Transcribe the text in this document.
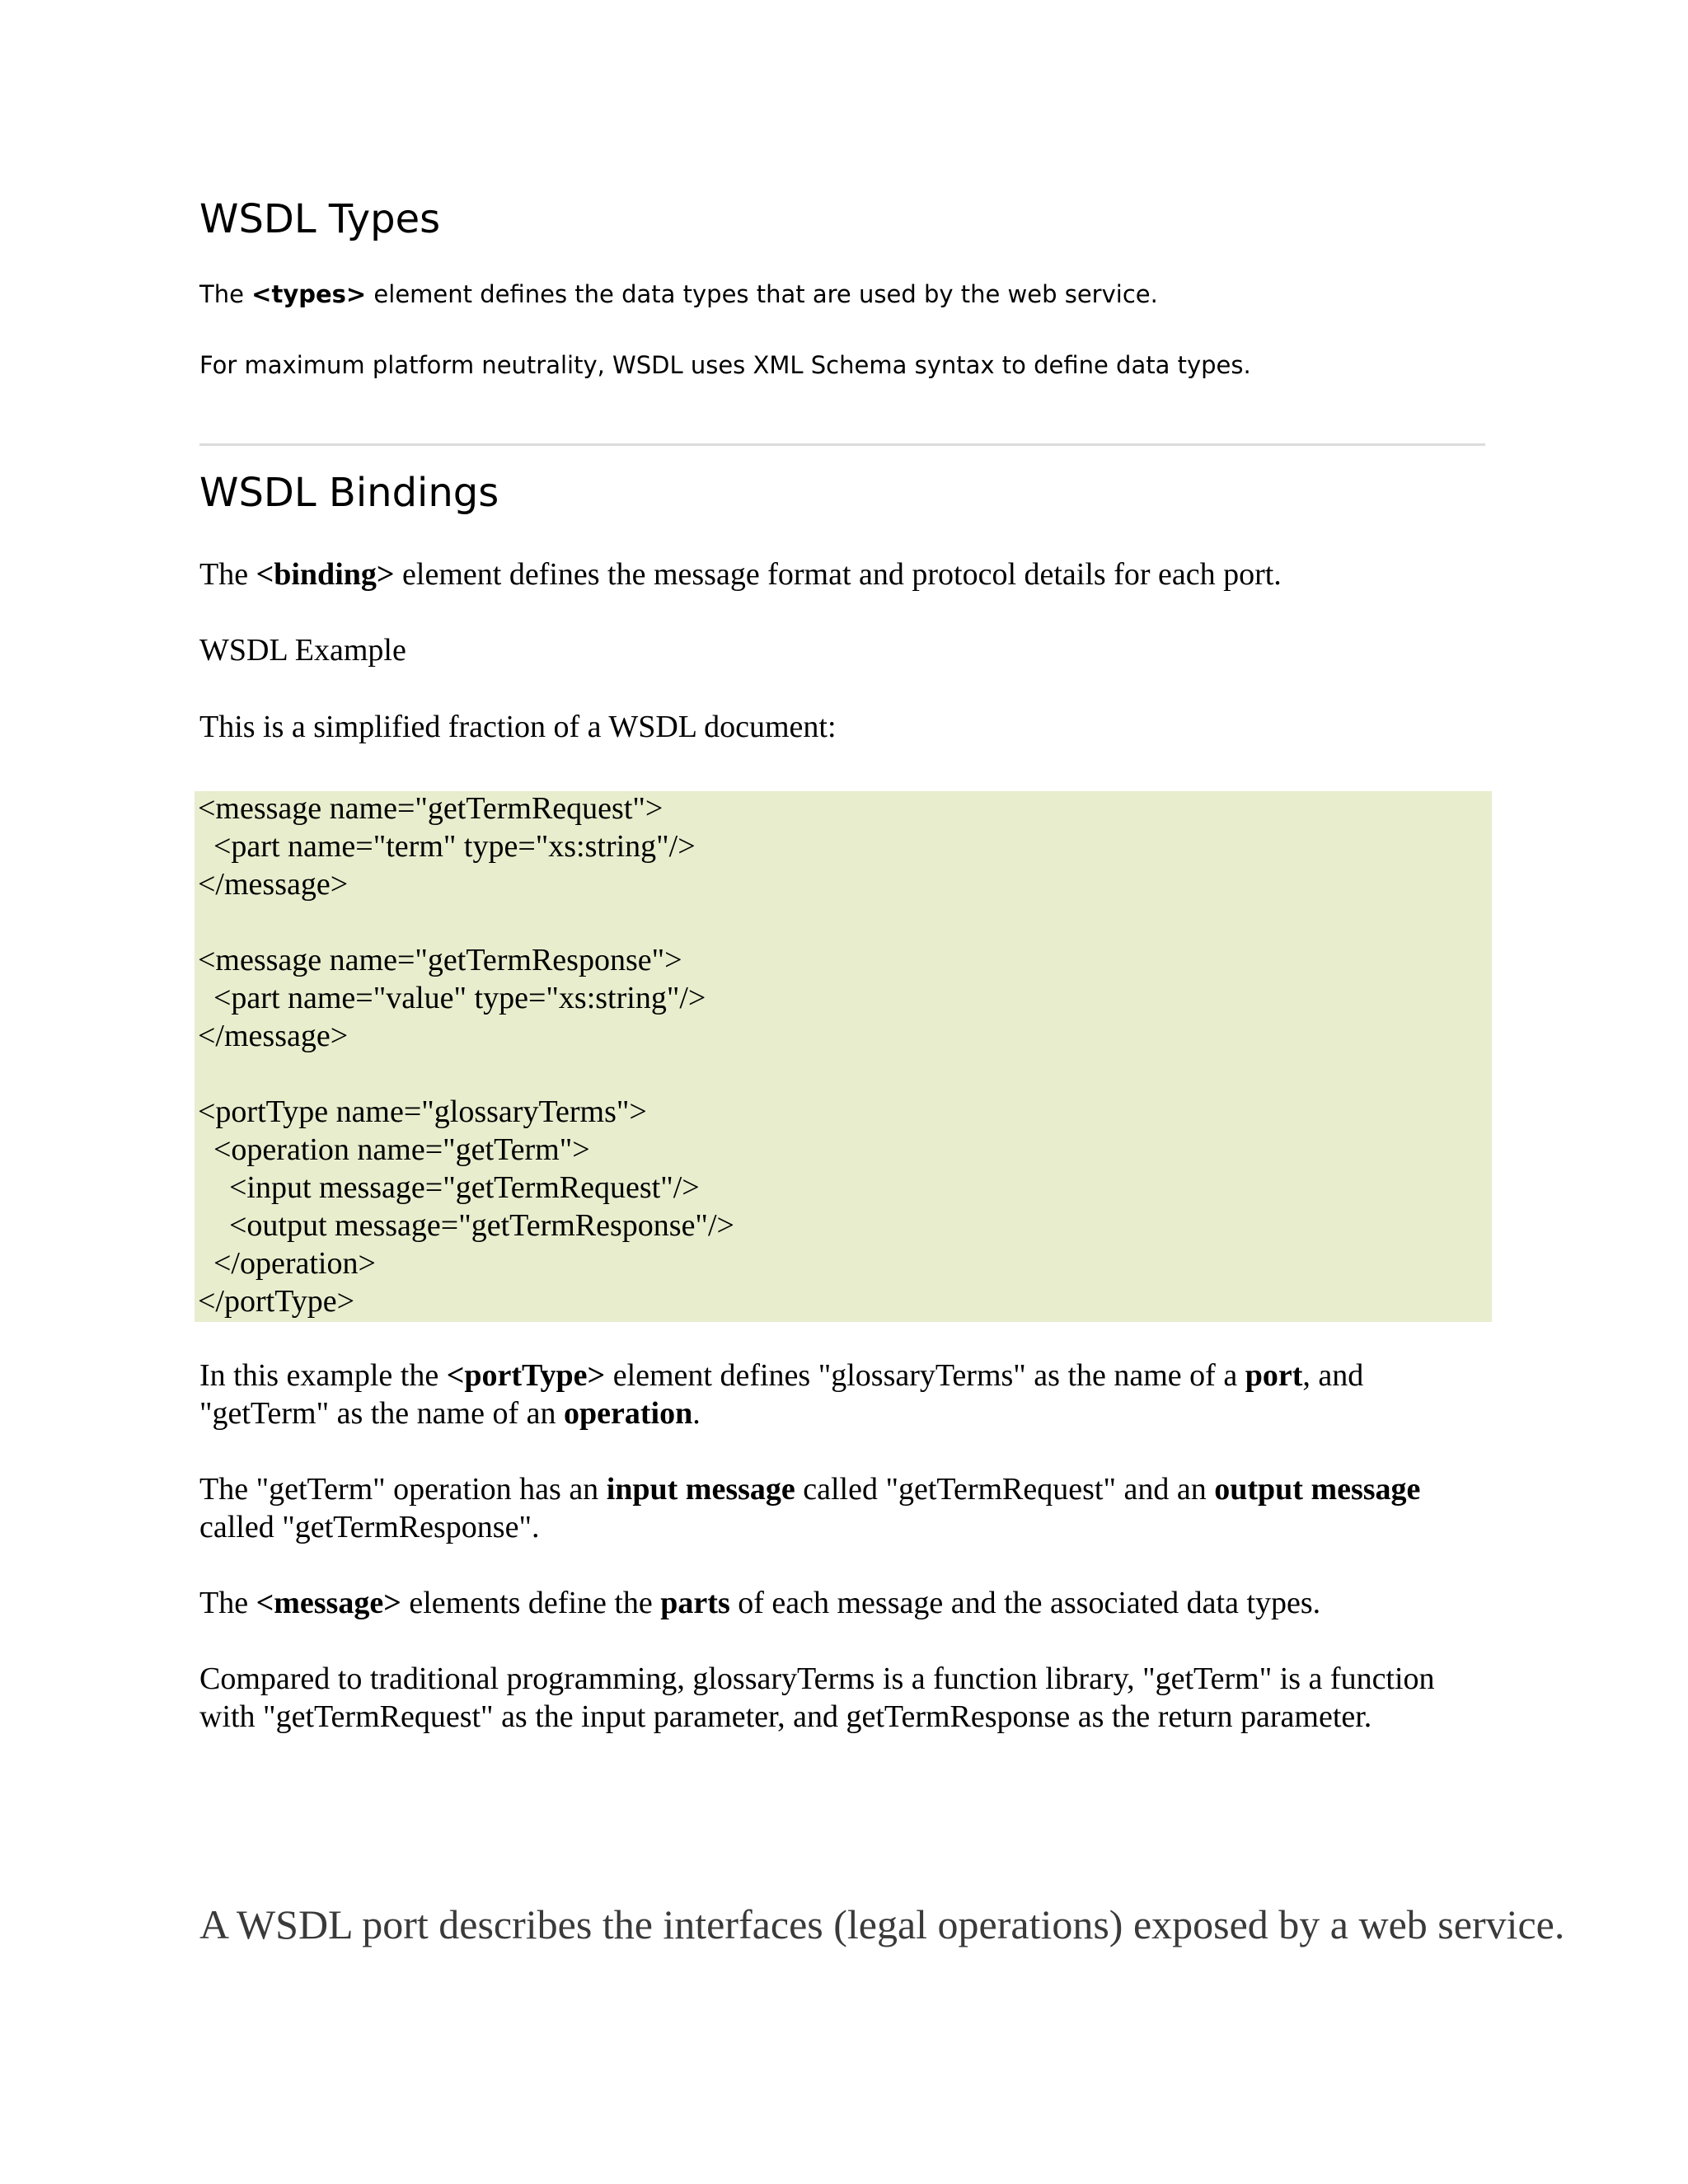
WSDL Types

The <types> element defines the data types that are used by the web service.

For maximum platform neutrality, WSDL uses XML Schema syntax to define data types.

WSDL Bindings

The <binding> element defines the message format and protocol details for each port.

WSDL Example

This is a simplified fraction of a WSDL document:

<message name="getTermRequest">
<part name="term" type="xs:string"/>
</message>
<message name="getTermResponse">
<part name="value" type="xs:string"/>
</message>
<portType name="glossaryTerms">
<operation name="getTerm">
<input message="getTermRequest"/>
<output message="getTermResponse"/>
</operation>
</portType>

In this example the <portType> element defines "glossaryTerms" as the name of a port, and "getTerm" as the name of an operation.

The "getTerm" operation has an input message called "getTermRequest" and an output message called "getTermResponse".

The <message> elements define the parts of each message and the associated data types.

Compared to traditional programming, glossaryTerms is a function library, "getTerm" is a function with "getTermRequest" as the input parameter, and getTermResponse as the return parameter.

A WSDL port describes the interfaces (legal operations) exposed by a web service.
